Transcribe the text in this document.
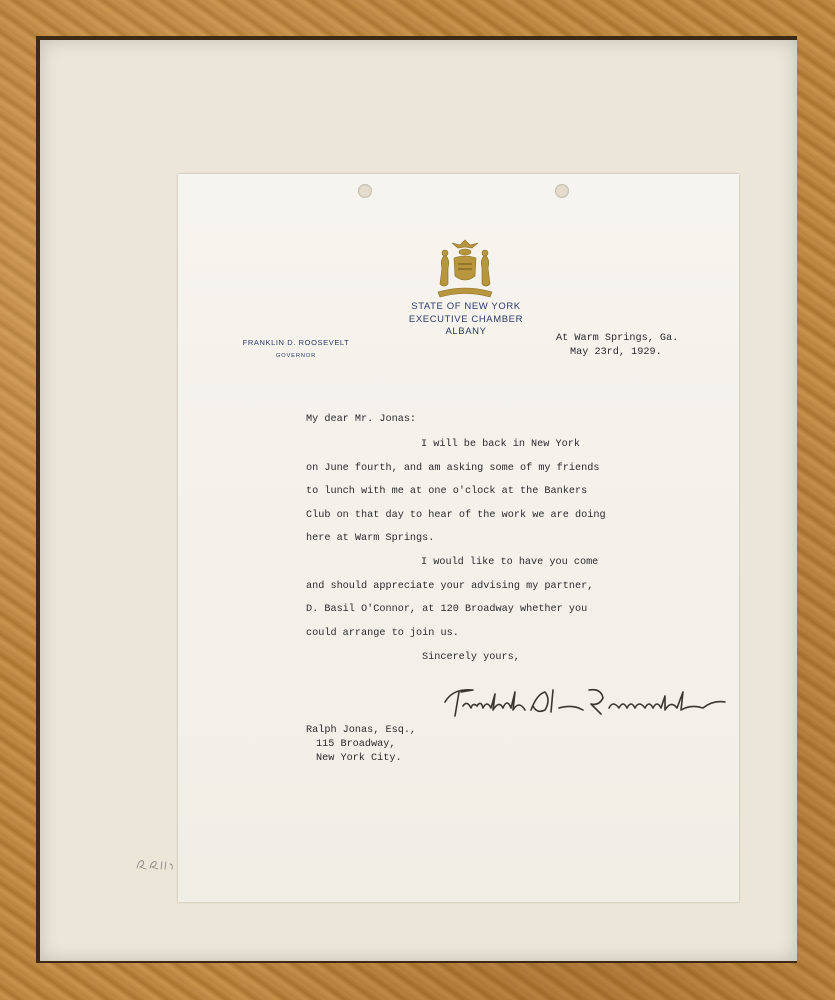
STATE OF NEW YORK
EXECUTIVE CHAMBER
ALBANY
FRANKLIN D. ROOSEVELT
GOVERNOR
At Warm Springs, Ga.
May 23rd, 1929.
My dear Mr. Jonas:
I will be back in New York
on June fourth, and am asking some of my friends
to lunch with me at one o'clock at the Bankers
Club on that day to hear of the work we are doing
here at Warm Springs.
I would like to have you come
and should appreciate your advising my partner,
D. Basil O'Connor, at 120 Broadway whether you
could arrange to join us.
Sincerely yours,
Ralph Jonas, Esq.,
115 Broadway,
New York City.
